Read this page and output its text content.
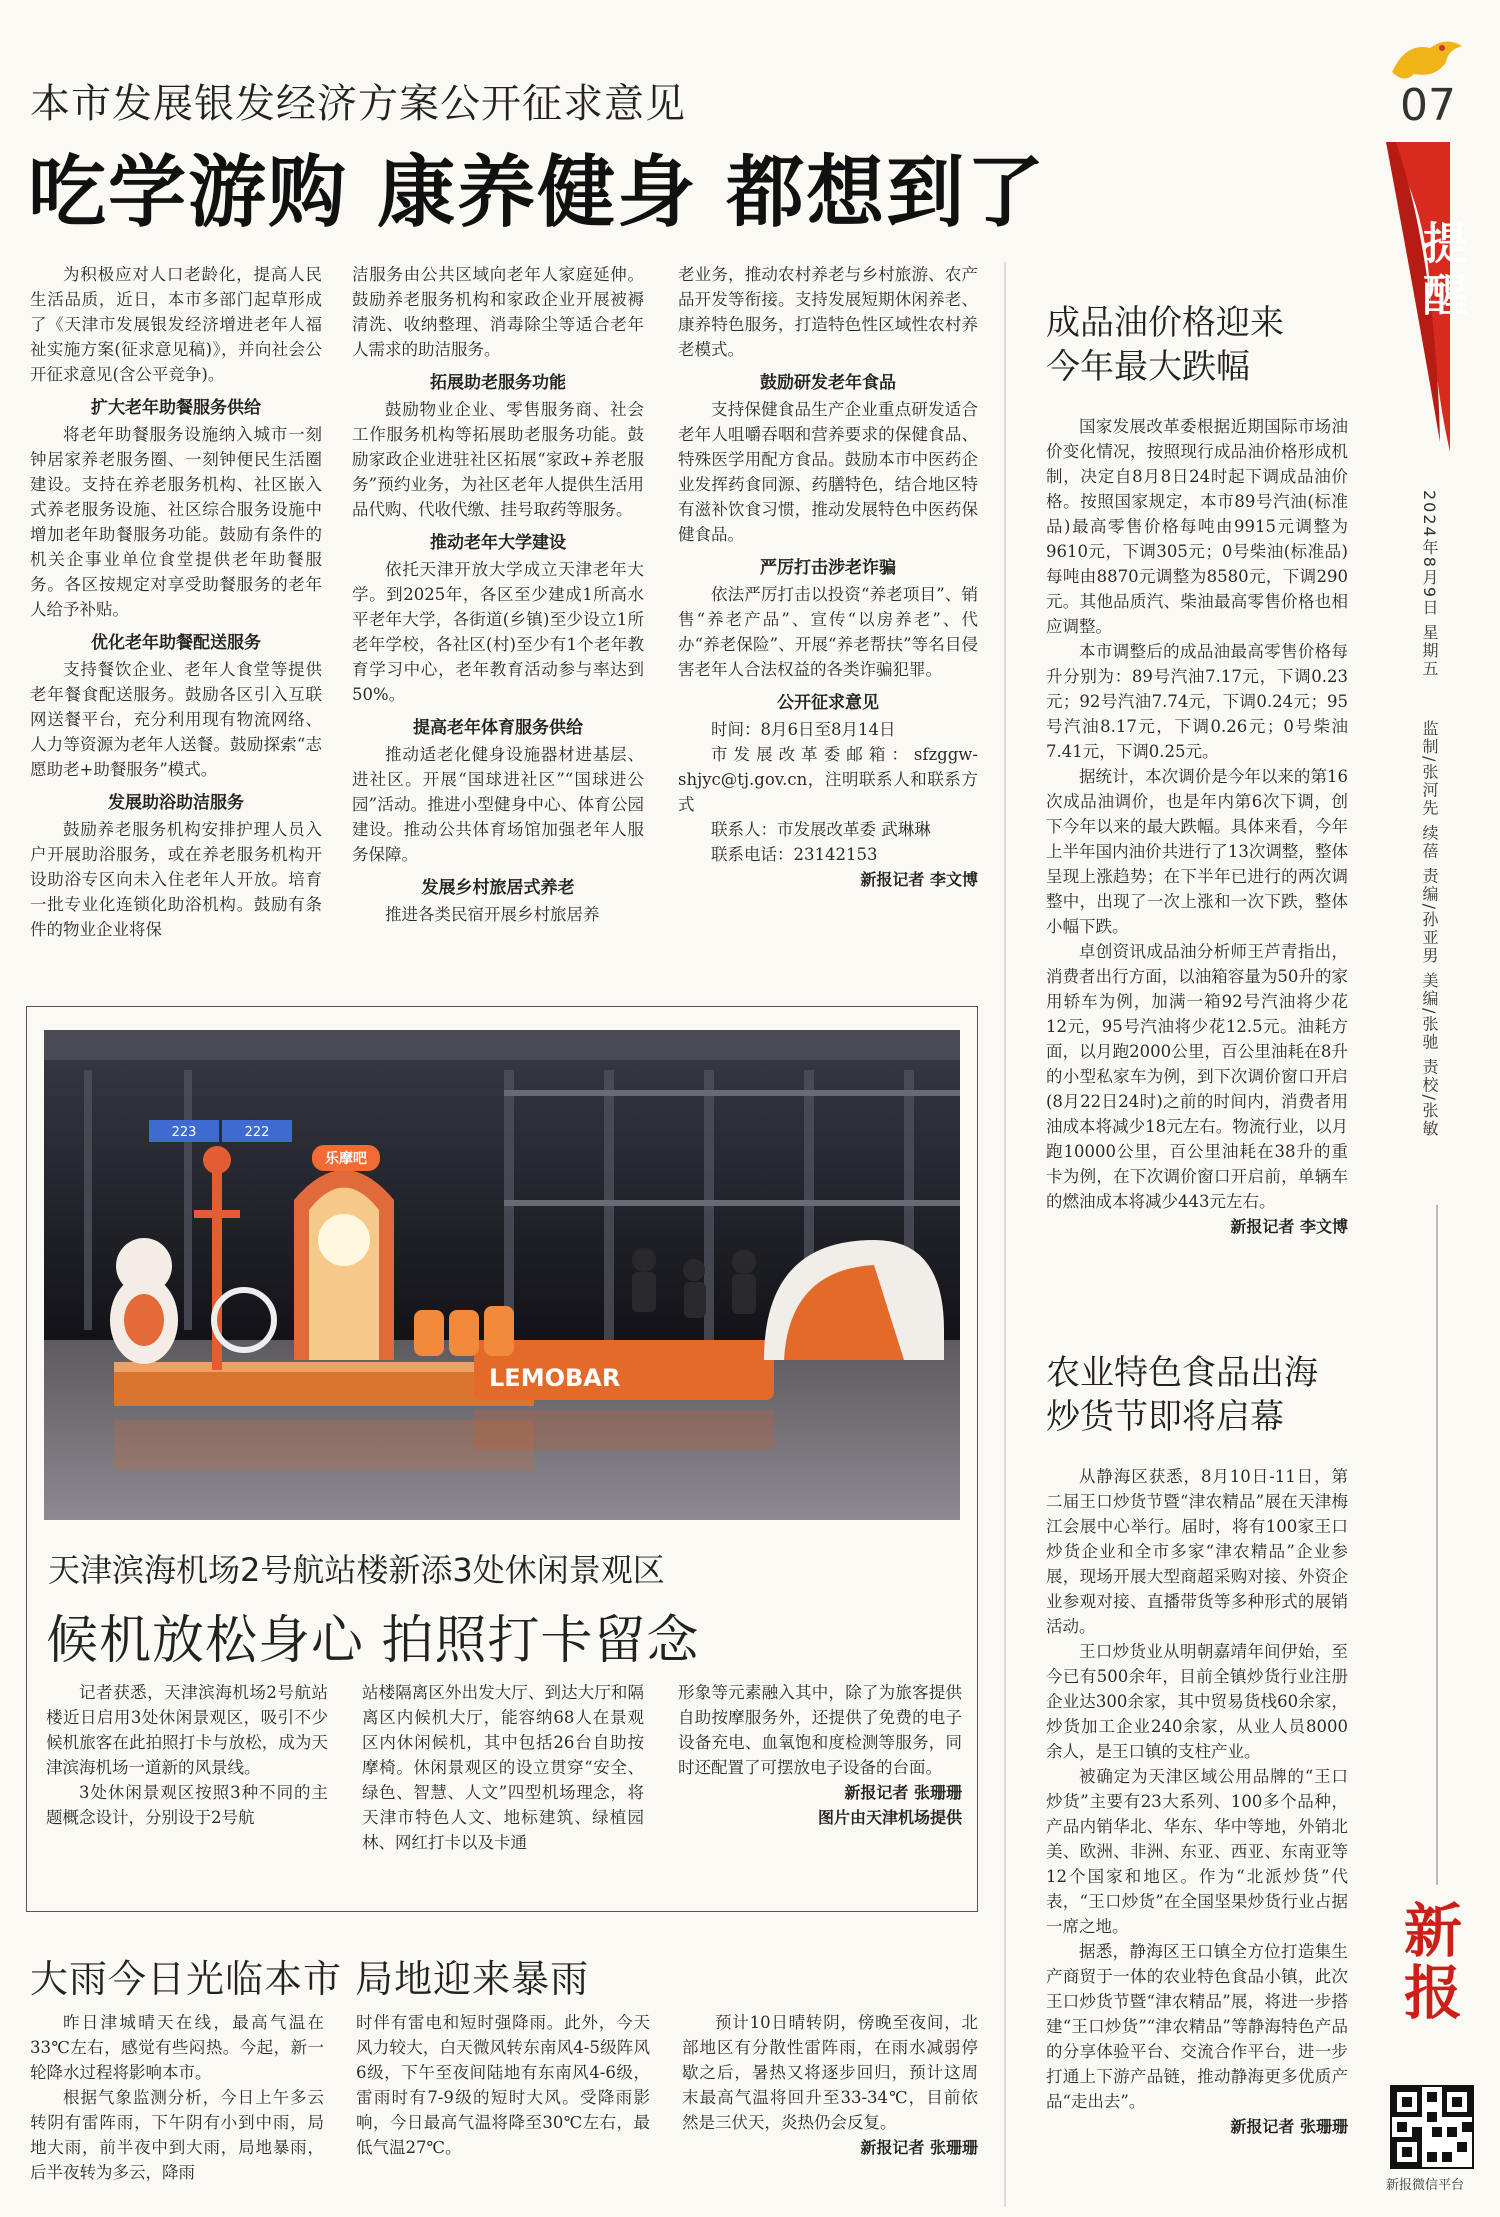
本市发展银发经济方案公开征求意见
吃学游购 康养健身 都想到了
为积极应对人口老龄化，提高人民生活品质，近日，本市多部门起草形成了《天津市发展银发经济增进老年人福祉实施方案(征求意见稿)》，并向社会公开征求意见(含公平竞争)。
扩大老年助餐服务供给
将老年助餐服务设施纳入城市一刻钟居家养老服务圈、一刻钟便民生活圈建设。支持在养老服务机构、社区嵌入式养老服务设施、社区综合服务设施中增加老年助餐服务功能。鼓励有条件的机关企事业单位食堂提供老年助餐服务。各区按规定对享受助餐服务的老年人给予补贴。
优化老年助餐配送服务
支持餐饮企业、老年人食堂等提供老年餐食配送服务。鼓励各区引入互联网送餐平台，充分利用现有物流网络、人力等资源为老年人送餐。鼓励探索“志愿助老+助餐服务”模式。
发展助浴助洁服务
鼓励养老服务机构安排护理人员入户开展助浴服务，或在养老服务机构开设助浴专区向未入住老年人开放。培育一批专业化连锁化助浴机构。鼓励有条件的物业企业将保
洁服务由公共区域向老年人家庭延伸。鼓励养老服务机构和家政企业开展被褥清洗、收纳整理、消毒除尘等适合老年人需求的助洁服务。
拓展助老服务功能
鼓励物业企业、零售服务商、社会工作服务机构等拓展助老服务功能。鼓励家政企业进驻社区拓展“家政+养老服务”预约业务，为社区老年人提供生活用品代购、代收代缴、挂号取药等服务。
推动老年大学建设
依托天津开放大学成立天津老年大学。到2025年，各区至少建成1所高水平老年大学，各街道(乡镇)至少设立1所老年学校，各社区(村)至少有1个老年教育学习中心，老年教育活动参与率达到50%。
提高老年体育服务供给
推动适老化健身设施器材进基层、进社区。开展“国球进社区”“国球进公园”活动。推进小型健身中心、体育公园建设。推动公共体育场馆加强老年人服务保障。
发展乡村旅居式养老
推进各类民宿开展乡村旅居养
老业务，推动农村养老与乡村旅游、农产品开发等衔接。支持发展短期休闲养老、康养特色服务，打造特色性区域性农村养老模式。
鼓励研发老年食品
支持保健食品生产企业重点研发适合老年人咀嚼吞咽和营养要求的保健食品、特殊医学用配方食品。鼓励本市中医药企业发挥药食同源、药膳特色，结合地区特有滋补饮食习惯，推动发展特色中医药保健食品。
严厉打击涉老诈骗
依法严厉打击以投资“养老项目”、销售“养老产品”、宣传“以房养老”、代办“养老保险”、开展“养老帮扶”等名目侵害老年人合法权益的各类诈骗犯罪。
公开征求意见
时间：8月6日至8月14日
市发展改革委邮箱：sfzggw-shjyc@tj.gov.cn，注明联系人和联系方式
联系人：市发展改革委 武琳琳
联系电话：23142153
新报记者 李文博
223	222
乐摩吧
LEMOBAR
天津滨海机场2号航站楼新添3处休闲景观区
候机放松身心 拍照打卡留念
记者获悉，天津滨海机场2号航站楼近日启用3处休闲景观区，吸引不少候机旅客在此拍照打卡与放松，成为天津滨海机场一道新的风景线。
3处休闲景观区按照3种不同的主题概念设计，分别设于2号航
站楼隔离区外出发大厅、到达大厅和隔离区内候机大厅，能容纳68人在景观区内休闲候机，其中包括26台自助按摩椅。休闲景观区的设立贯穿“安全、绿色、智慧、人文”四型机场理念，将天津市特色人文、地标建筑、绿植园林、网红打卡以及卡通
形象等元素融入其中，除了为旅客提供自助按摩服务外，还提供了免费的电子设备充电、血氧饱和度检测等服务，同时还配置了可摆放电子设备的台面。
新报记者 张珊珊
图片由天津机场提供
大雨今日光临本市 局地迎来暴雨
昨日津城晴天在线，最高气温在33℃左右，感觉有些闷热。今起，新一轮降水过程将影响本市。
根据气象监测分析，今日上午多云转阴有雷阵雨，下午阴有小到中雨，局地大雨，前半夜中到大雨，局地暴雨，后半夜转为多云，降雨
时伴有雷电和短时强降雨。此外，今天风力较大，白天微风转东南风4-5级阵风6级，下午至夜间陆地有东南风4-6级，雷雨时有7-9级的短时大风。受降雨影响，今日最高气温将降至30℃左右，最低气温27℃。
预计10日晴转阴，傍晚至夜间，北部地区有分散性雷阵雨，在雨水减弱停歇之后，暑热又将逐步回归，预计这周末最高气温将回升至33-34℃，目前依然是三伏天，炎热仍会反复。
新报记者 张珊珊
成品油价格迎来
今年最大跌幅
国家发展改革委根据近期国际市场油价变化情况，按照现行成品油价格形成机制，决定自8月8日24时起下调成品油价格。按照国家规定，本市89号汽油(标准品)最高零售价格每吨由9915元调整为9610元，下调305元；0号柴油(标准品)每吨由8870元调整为8580元，下调290元。其他品质汽、柴油最高零售价格也相应调整。
本市调整后的成品油最高零售价格每升分别为：89号汽油7.17元，下调0.23元；92号汽油7.74元，下调0.24元；95号汽油8.17元，下调0.26元；0号柴油7.41元，下调0.25元。
据统计，本次调价是今年以来的第16次成品油调价，也是年内第6次下调，创下今年以来的最大跌幅。具体来看，今年上半年国内油价共进行了13次调整，整体呈现上涨趋势；在下半年已进行的两次调整中，出现了一次上涨和一次下跌，整体小幅下跌。
卓创资讯成品油分析师王芦青指出，消费者出行方面，以油箱容量为50升的家用轿车为例，加满一箱92号汽油将少花12元，95号汽油将少花12.5元。油耗方面，以月跑2000公里，百公里油耗在8升的小型私家车为例，到下次调价窗口开启(8月22日24时)之前的时间内，消费者用油成本将减少18元左右。物流行业，以月跑10000公里，百公里油耗在38升的重卡为例，在下次调价窗口开启前，单辆车的燃油成本将减少443元左右。
新报记者 李文博
农业特色食品出海
炒货节即将启幕
从静海区获悉，8月10日-11日，第二届王口炒货节暨“津农精品”展在天津梅江会展中心举行。届时，将有100家王口炒货企业和全市多家“津农精品”企业参展，现场开展大型商超采购对接、外资企业参观对接、直播带货等多种形式的展销活动。
王口炒货业从明朝嘉靖年间伊始，至今已有500余年，目前全镇炒货行业注册企业达300余家，其中贸易货栈60余家，炒货加工企业240余家，从业人员8000余人，是王口镇的支柱产业。
被确定为天津区域公用品牌的“王口炒货”主要有23大系列、100多个品种，产品内销华北、华东、华中等地，外销北美、欧洲、非洲、东亚、西亚、东南亚等12个国家和地区。作为“北派炒货”代表，“王口炒货”在全国坚果炒货行业占据一席之地。
据悉，静海区王口镇全方位打造集生产商贸于一体的农业特色食品小镇，此次王口炒货节暨“津农精品”展，将进一步搭建“王口炒货”“津农精品”等静海特色产品的分享体验平台、交流合作平台，进一步打通上下游产品链，推动静海更多优质产品“走出去”。
新报记者 张珊珊
07
提醒
2024年8月9日 星期五
监制/张河先 续蓓 责编/孙亚男 美编/张驰 责校/张敏
新报
新报微信平台
